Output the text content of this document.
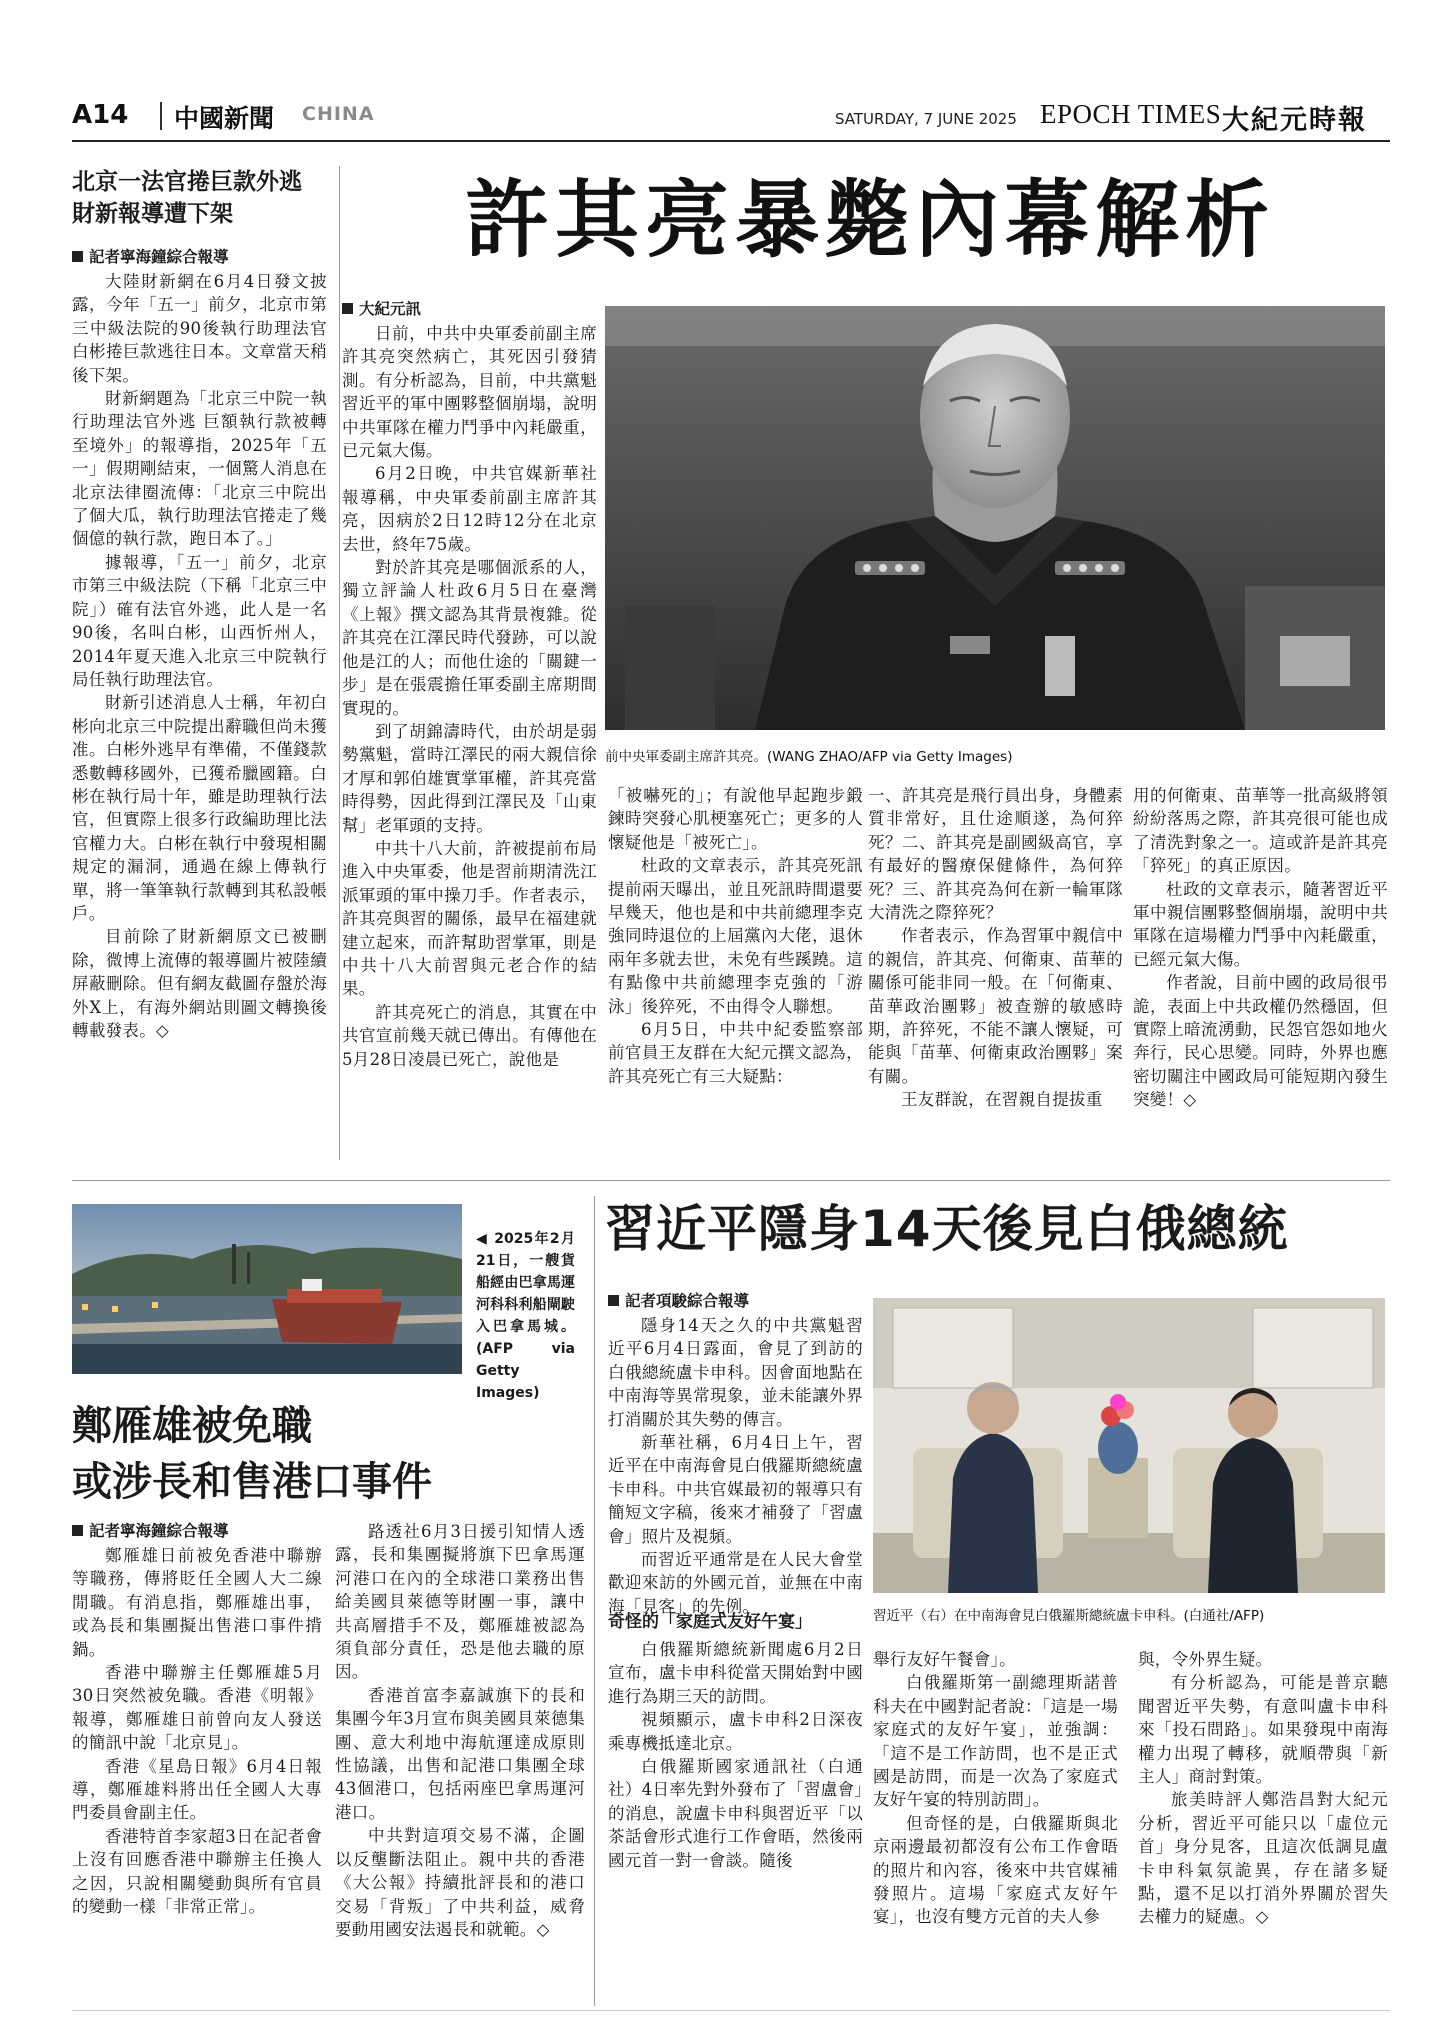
A14 中國新聞 CHINA	SATURDAY, 7 JUNE 2025 EPOCH TIMES 大紀元時報
北京一法官捲巨款外逃
財新報導遭下架
記者寧海鐘綜合報導

大陸財新網在6月4日發文披露，今年「五一」前夕，北京市第三中級法院的90後執行助理法官白彬捲巨款逃往日本。文章當天稍後下架。

財新網題為「北京三中院一執行助理法官外逃 巨額執行款被轉至境外」的報導指，2025年「五一」假期剛結束，一個驚人消息在北京法律圈流傳：「北京三中院出了個大瓜，執行助理法官捲走了幾個億的執行款，跑日本了。」

據報導，「五一」前夕，北京市第三中級法院（下稱「北京三中院」）確有法官外逃，此人是一名90後，名叫白彬，山西忻州人，2014年夏天進入北京三中院執行局任執行助理法官。

財新引述消息人士稱，年初白彬向北京三中院提出辭職但尚未獲准。白彬外逃早有準備，不僅錢款悉數轉移國外，已獲希臘國籍。白彬在執行局十年，雖是助理執行法官，但實際上很多行政編助理比法官權力大。白彬在執行中發現相關規定的漏洞，通過在線上傳執行單，將一筆筆執行款轉到其私設帳戶。

目前除了財新網原文已被刪除，微博上流傳的報導圖片被陸續屏蔽刪除。但有網友截圖存盤於海外X上，有海外網站則圖文轉換後轉載發表。◇

許其亮暴斃內幕解析
大紀元訊

日前，中共中央軍委前副主席許其亮突然病亡，其死因引發猜測。有分析認為，目前，中共黨魁習近平的軍中團夥整個崩塌，說明中共軍隊在權力鬥爭中內耗嚴重，已元氣大傷。

6月2日晚，中共官媒新華社報導稱，中央軍委前副主席許其亮，因病於2日12時12分在北京去世，終年75歲。

對於許其亮是哪個派系的人，獨立評論人杜政6月5日在臺灣《上報》撰文認為其背景複雜。從許其亮在江澤民時代發跡，可以說他是江的人；而他仕途的「關鍵一步」是在張震擔任軍委副主席期間實現的。

到了胡錦濤時代，由於胡是弱勢黨魁，當時江澤民的兩大親信徐才厚和郭伯雄實掌軍權，許其亮當時得勢，因此得到江澤民及「山東幫」老軍頭的支持。

中共十八大前，許被提前布局進入中央軍委，他是習前期清洗江派軍頭的軍中操刀手。作者表示，許其亮與習的關係，最早在福建就建立起來，而許幫助習掌軍，則是中共十八大前習與元老合作的結果。

許其亮死亡的消息，其實在中共官宣前幾天就已傳出。有傳他在5月28日凌晨已死亡，說他是

前中央軍委副主席許其亮。(WANG ZHAO/AFP via Getty Images)

「被嚇死的」；有說他早起跑步鍛鍊時突發心肌梗塞死亡；更多的人懷疑他是「被死亡」。

杜政的文章表示，許其亮死訊提前兩天曝出，並且死訊時間還要早幾天，他也是和中共前總理李克強同時退位的上屆黨內大佬，退休兩年多就去世，未免有些蹊蹺。這有點像中共前總理李克強的「游泳」後猝死，不由得令人聯想。

6月5日，中共中紀委監察部前官員王友群在大紀元撰文認為，許其亮死亡有三大疑點：

一、許其亮是飛行員出身，身體素質非常好，且仕途順遂，為何猝死？二、許其亮是副國級高官，享有最好的醫療保健條件，為何猝死？三、許其亮為何在新一輪軍隊大清洗之際猝死？

作者表示，作為習軍中親信中的親信，許其亮、何衛東、苗華的關係可能非同一般。在「何衛東、苗華政治團夥」被查辦的敏感時期，許猝死，不能不讓人懷疑，可能與「苗華、何衛東政治團夥」案有關。

王友群說，在習親自提拔重

用的何衛東、苗華等一批高級將領紛紛落馬之際，許其亮很可能也成了清洗對象之一。這或許是許其亮「猝死」的真正原因。

杜政的文章表示，隨著習近平軍中親信團夥整個崩塌，說明中共軍隊在這場權力鬥爭中內耗嚴重，已經元氣大傷。

作者說，目前中國的政局很弔詭，表面上中共政權仍然穩固，但實際上暗流湧動，民怨官怨如地火奔行，民心思變。同時，外界也應密切關注中國政局可能短期內發生突變！◇

◀ 2025年2月21日，一艘貨船經由巴拿馬運河科科利船閘駛入巴拿馬城。(AFP via Getty Images)
鄭雁雄被免職
或涉長和售港口事件
記者寧海鐘綜合報導

鄭雁雄日前被免香港中聯辦等職務，傳將貶任全國人大二線閒職。有消息指，鄭雁雄出事，或為長和集團擬出售港口事件揹鍋。

香港中聯辦主任鄭雁雄5月30日突然被免職。香港《明報》報導，鄭雁雄日前曾向友人發送的簡訊中說「北京見」。

香港《星島日報》6月4日報導，鄭雁雄料將出任全國人大專門委員會副主任。

香港特首李家超3日在記者會上沒有回應香港中聯辦主任換人之因，只說相關變動與所有官員的變動一樣「非常正常」。

路透社6月3日援引知情人透露，長和集團擬將旗下巴拿馬運河港口在內的全球港口業務出售給美國貝萊德等財團一事，讓中共高層措手不及，鄭雁雄被認為須負部分責任，恐是他去職的原因。

香港首富李嘉誠旗下的長和集團今年3月宣布與美國貝萊德集團、意大利地中海航運達成原則性協議，出售和記港口集團全球43個港口，包括兩座巴拿馬運河港口。

中共對這項交易不滿，企圖以反壟斷法阻止。親中共的香港《大公報》持續批評長和的港口交易「背叛」了中共利益，威脅要動用國安法遏長和就範。◇

習近平隱身14天後見白俄總統
記者項駿綜合報導

隱身14天之久的中共黨魁習近平6月4日露面，會見了到訪的白俄總統盧卡申科。因會面地點在中南海等異常現象，並未能讓外界打消關於其失勢的傳言。

新華社稱，6月4日上午，習近平在中南海會見白俄羅斯總統盧卡申科。中共官媒最初的報導只有簡短文字稿，後來才補發了「習盧會」照片及視頻。

而習近平通常是在人民大會堂歡迎來訪的外國元首，並無在中南海「見客」的先例。

習近平（右）在中南海會見白俄羅斯總統盧卡申科。(白通社/AFP)
奇怪的「家庭式友好午宴」

白俄羅斯總統新聞處6月2日宣布，盧卡申科從當天開始對中國進行為期三天的訪問。

視頻顯示，盧卡申科2日深夜乘專機抵達北京。

白俄羅斯國家通訊社（白通社）4日率先對外發布了「習盧會」的消息，說盧卡申科與習近平「以茶話會形式進行工作會晤，然後兩國元首一對一會談。隨後

舉行友好午餐會」。

白俄羅斯第一副總理斯諾普科夫在中國對記者說：「這是一場家庭式的友好午宴」，並強調：「這不是工作訪問，也不是正式國是訪問，而是一次為了家庭式友好午宴的特別訪問」。

但奇怪的是，白俄羅斯與北京兩邊最初都沒有公布工作會晤的照片和內容，後來中共官媒補發照片。這場「家庭式友好午宴」，也沒有雙方元首的夫人參

與，令外界生疑。

有分析認為，可能是普京聽聞習近平失勢，有意叫盧卡申科來「投石問路」。如果發現中南海權力出現了轉移，就順帶與「新主人」商討對策。

旅美時評人鄭浩昌對大紀元分析，習近平可能只以「虛位元首」身分見客，且這次低調見盧卡申科氣氛詭異，存在諸多疑點，還不足以打消外界關於習失去權力的疑慮。◇
